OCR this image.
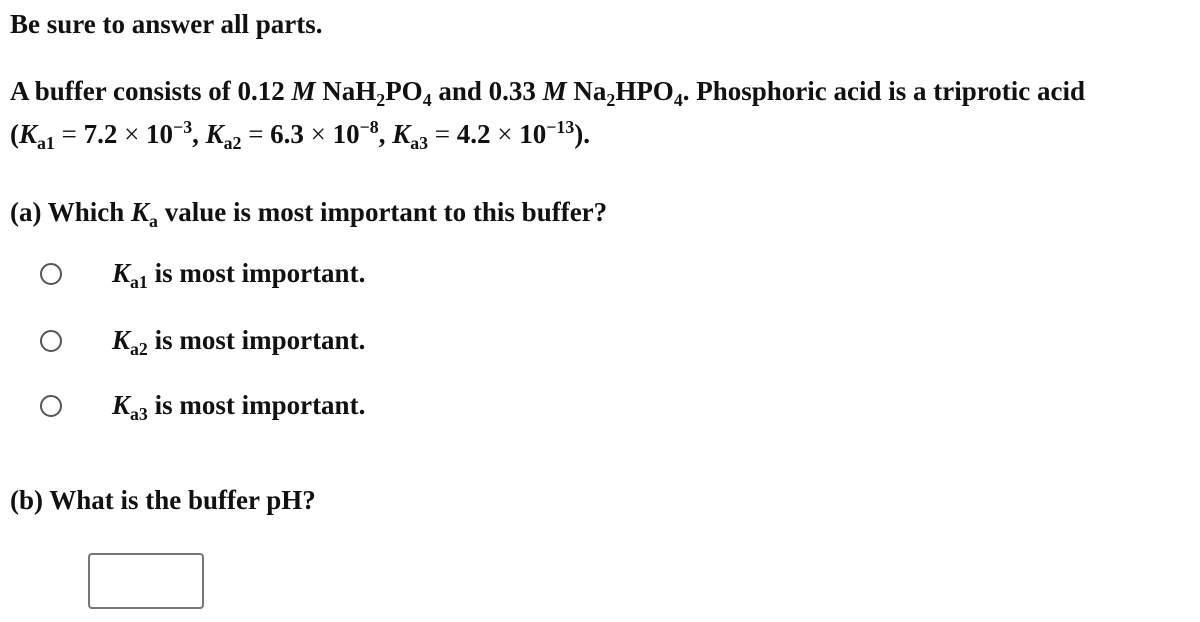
Be sure to answer all parts.
A buffer consists of 0.12 M $NaH_2PO_4$ and 0.33 M $Na_2HPO_4$. Phosphoric acid is a triprotic acid
($K_{a1} = 7.2 \times 10^{-3}$, $K_{a2} = 6.3 \times 10^{-8}$, $K_{a3} = 4.2 \times 10^{-13}$).
(a) Which $K_a$ value is most important to this buffer?
$K_{a1}$ is most important.
$K_{a2}$ is most important.
$K_{a3}$ is most important.
(b) What is the buffer pH?
